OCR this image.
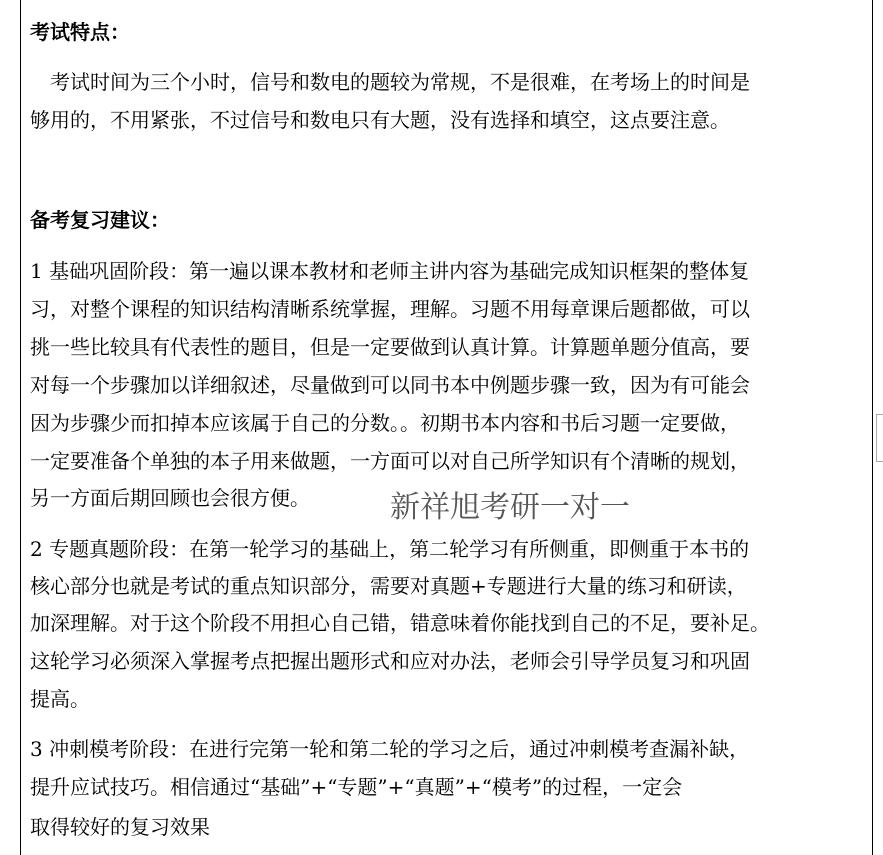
考试特点：
　考试时间为三个小时，信号和数电的题较为常规，不是很难，在考场上的时间是
够用的，不用紧张，不过信号和数电只有大题，没有选择和填空，这点要注意。
备考复习建议：
1 基础巩固阶段：第一遍以课本教材和老师主讲内容为基础完成知识框架的整体复
习，对整个课程的知识结构清晰系统掌握，理解。习题不用每章课后题都做，可以
挑一些比较具有代表性的题目，但是一定要做到认真计算。计算题单题分值高，要
对每一个步骤加以详细叙述，尽量做到可以同书本中例题步骤一致，因为有可能会
因为步骤少而扣掉本应该属于自己的分数。。初期书本内容和书后习题一定要做，
一定要准备个单独的本子用来做题，一方面可以对自己所学知识有个清晰的规划，
另一方面后期回顾也会很方便。	新祥旭考研一对一
2 专题真题阶段：在第一轮学习的基础上，第二轮学习有所侧重，即侧重于本书的
核心部分也就是考试的重点知识部分，需要对真题+专题进行大量的练习和研读，
加深理解。对于这个阶段不用担心自己错，错意味着你能找到自己的不足，要补足。
这轮学习必须深入掌握考点把握出题形式和应对办法，老师会引导学员复习和巩固
提高。
3 冲刺模考阶段：在进行完第一轮和第二轮的学习之后，通过冲刺模考查漏补缺，
提升应试技巧。相信通过“基础”+“专题”+“真题”+“模考”的过程，一定会
取得较好的复习效果
